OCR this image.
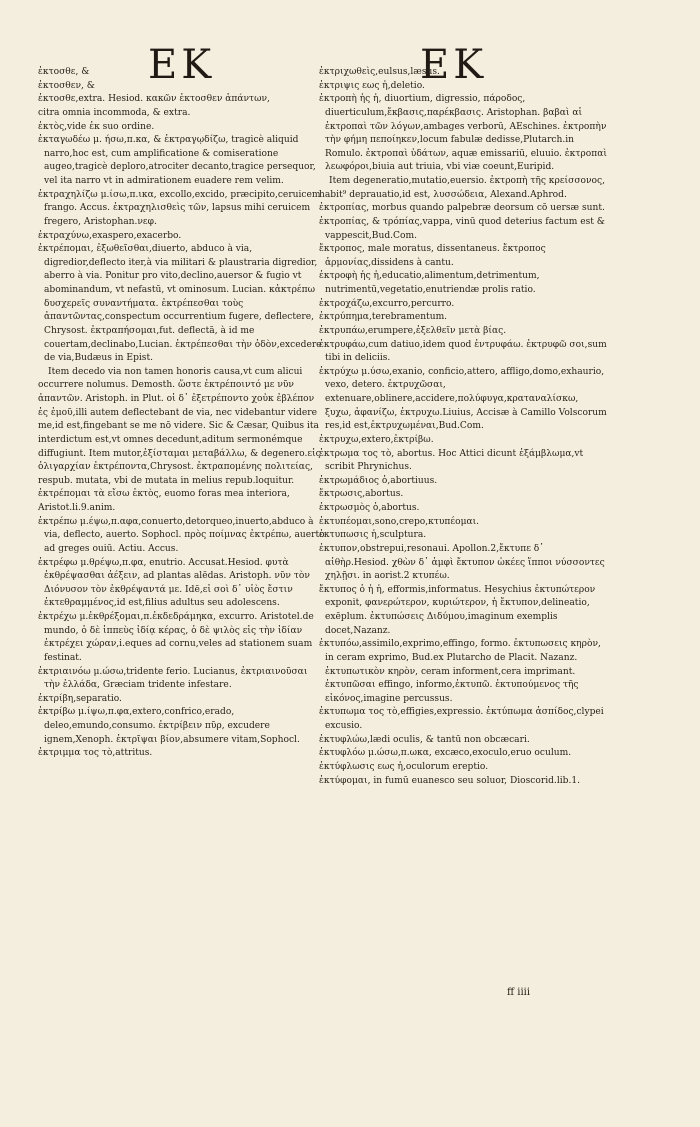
EK	EK

ἐκτοσθε, &

ἐκτοσθεν, &

ἐκτοσθε,extra. Hesiod. κακῶν ἐκτοσθεν ἁπάντων,

citra omnia incommoda, & extra.

ἐκτὸς,vide ἐκ suo ordine.

ἐκταγωδέω μ. ήσω,π.κα, & ἐκτραγῳδίζω, tragicè aliquid narro,hoc est, cum amplificatione & comiseratione augeo,tragicè deploro,atrociter decanto,tragice persequor, vel ita narro vt in admirationem euadere rem velim.

ἐκτραχηλίζω μ.ίσω,π.ικα, excollo,excido, præcipito,ceruicem frango. Accus. ἐκτραχηλισθεὶς τῶν, lapsus mihi ceruicem fregero, Aristophan.νεφ.

ἐκτραχύνω,exaspero,exacerbo.

ἐκτρέπομαι, ἐξωθεῖσθαι,diuerto, abduco à via, digredior,deflecto iter,à via militari & plaustraria digredior, aberro à via. Ponitur pro vito,declino,auersor & fugio vt abominandum, vt nefastū, vt ominosum. Lucian. κἀκτρέπω δυσχερεῖς συναντήματα. ἐκτρέπεσθαι τοὺς ἀπαντῶντας,conspectum occurrentium fugere, deflectere, Chrysost. ἐκτραπήσομαι,fut. deflectā, à id me couertam,declinabo,Lucian. ἐκτρέπεσθαι τὴν ὁδὸν,excedere de via,Budæus in Epist.

Item decedo via non tamen honoris causa,vt cum alicui occurrere nolumus. Demosth. ὥστε ἐκτρέποιντό με νῦν ἀπαντῶν. Aristoph. in Plut. οἱ δ᾽ ἐξετρέποντο χοὐκ ἐβλέπον ἐς ἐμοῦ,illi autem deflectebant de via, nec videbantur videre me,id est,fingebant se me nō videre. Sic & Cæsar, Quibus ita interdictum est,vt omnes decedunt,aditum sermonémque diffugiunt. Item mutor,ἐξίσταμαι μεταβάλλω, & degenero.εἰς ὀλιγαρχίαν ἐκτρέποντα,Chrysost. ἐκτραπομένης πολιτείας, respub. mutata, vbi de mutata in melius repub.loquitur. ἐκτρέπομαι τὰ εἴσω ἐκτὸς, euomo foras mea interiora, Aristot.li.9.anim.

ἐκτρέπω μ.έψω,π.αφα,conuerto,detorqueo,inuerto,abduco à via, deflecto, auerto. Sophocl. πρὸς ποίμνας ἐκτρέπω, auerto ad greges ouiū. Actiu. Accus.

ἐκτρέφω μ.θρέψω,π.φα, enutrio. Accusat.Hesiod. φυτὰ ἐκθρέψασθαι ἀέξειν, ad plantas alēdas. Aristoph. νῦν τὸν Διόνυσον τὸν ἐκθρέψαντά με. Idē,εἰ σοὶ δ᾽ υἱὸς ἔστιν ἐκτεθραμμένος,id est,filius adultus seu adolescens.

ἐκτρέχω μ.ἐκθρέξομαι,π.ἐκδεδράμηκα, excurro. Aristotel.de mundo, ὁ δὲ ἱππεὺς ἰδίᾳ κέρας, ὁ δὲ ψιλὸς εἰς τὴν ἰδίαν ἐκτρέχει χώραν,i.eques ad cornu,veles ad stationem suam festinat.

ἐκτριαινόω μ.ώσω,tridente ferio. Lucianus, ἐκτριαινοῦσαι τὴν ἑλλάδα, Græciam tridente infestare.

ἐκτρίβη,separatio.

ἐκτρίβω μ.ίψω,π.φα,extero,confrico,erado, deleo,emundo,consumo. ἐκτρίβειν πῦρ, excudere ignem,Xenoph. ἐκτρῖψαι βίον,absumere vitam,Sophocl.

ἐκτριμμα τος τὸ,attritus.

ἐκτριχωθεὶς,eulsus,læsus.

ἐκτριψις εως ἡ,deletio.

ἐκτροπὴ ἡς ἡ, diuortium, digressio, πάροδος, diuerticulum,ἔκβασις,παρέκβασις. Aristophan. βαβαὶ αἱ ἐκτροπαὶ τῶν λόγων,ambages verborū, AEschines. ἐκτροπὴν τὴν φήμη πεποίηκεν,locum fabulæ dedisse,Plutarch.in Romulo. ἐκτροπαὶ ὑδάτων, aquæ emissariū, eluuio. ἐκτροπαὶ λεωφόροι,biuia aut triuia, vbi viæ coeunt,Euripid.

Item degeneratio,mutatio,euersio. ἐκτροπὴ τῆς κρείσσονος, habit⁹ deprauatio,id est, λυσσώδεια, Alexand.Aphrod.

ἐκτροπίας, morbus quando palpebræ deorsum cō uersæ sunt.

ἐκτροπίας, & τρόπίας,vappa, vinū quod deterius factum est & vappescit,Bud.Com.

ἔκτροπος, male moratus, dissentaneus. ἔκτροπος ἁρμονίας,dissidens à cantu.

ἐκτροφὴ ἡς ἡ,educatio,alimentum,detrimentum, nutrimentū,vegetatio,enutriendæ prolis ratio.

ἐκτροχάζω,excurro,percurro.

ἐκτρύπημα,terebramentum.

ἐκτρυπάω,erumpere,ἐξελθεῖν μετὰ βίας.

ἐκτρυφάω,cum datiuo,idem quod ἐντρυφάω. ἐκτρυφῶ σοι,sum tibi in deliciis.

ἐκτρύχω μ.ύσω,exanio, conficio,attero, affligo,domo,exhaurio, vexo, detero. ἐκτρυχῶσαι, extenuare,oblinere,accidere,πολύφυγα,κραταναλίσκω, ξυχω, ἀφανίζω, ἐκτρυχω.Liuius, Accisæ à Camillo Volscorum res,id est,ἐκτρυχωμέναι,Bud.Com.

ἐκτρυχω,extero,ἐκτρίβω.

ἐκτρωμα τος τὸ, abortus. Hoc Attici dicunt ἐξάμβλωμα,vt scribit Phrynichus.

ἐκτρωμάδιος ὁ,abortiuus.

ἔκτρωσις,abortus.

ἐκτρωσμὸς ὁ,abortus.

ἐκτυπέομαι,sono,crepo,κτυπέομαι.

ἐκτυπωσις ἡ,sculptura.

ἐκτυπον,obstrepui,resonaui. Apollon.2,ἔκτυπε δ᾽ αἰθὴρ.Hesiod. χθὼν δ᾽ ἀμφὶ ἔκτυπον ὠκέες ἵπποι νύσσοντες χηλῇσι. in aorist.2 κτυπέω.

ἔκτυπος ὁ ἡ ἡ, efformis,informatus. Hesychius ἐκτυπώτερον exponit, φανερώτερον, κυριώτερον, ἡ ἔκτυπον,delineatio, exēplum. ἐκτυπώσεις Διδύμου,imaginum exemplis docet,Nazanz.

ἐκτυπόω,assimilo,exprimo,effingo, formo. ἐκτυπωσεις κηρὸν, in ceram exprimo, Bud.ex Plutarcho de Placit. Nazanz. ἐκτυπωτικὸν κηρὸν, ceram informent,cera imprimant. ἐκτυπῶσαι effingo, informo,ἐκτυπῶ. ἐκτυπούμενος τῆς εἰκόνος,imagine percussus.

ἐκτυπωμα τος τὸ,effigies,expressio. ἐκτύπωμα ἀσπίδος,clypei excusio.

ἐκτυφλώω,lædi oculis, & tantū non obcæcari.

ἐκτυφλόω μ.ώσω,π.ωκα, excæco,exoculo,eruo oculum.

ἐκτύφλωσις εως ἡ,oculorum ereptio.

ἐκτύφομαι, in fumū euanesco seu soluor, Dioscorid.lib.1.

ff iiii
